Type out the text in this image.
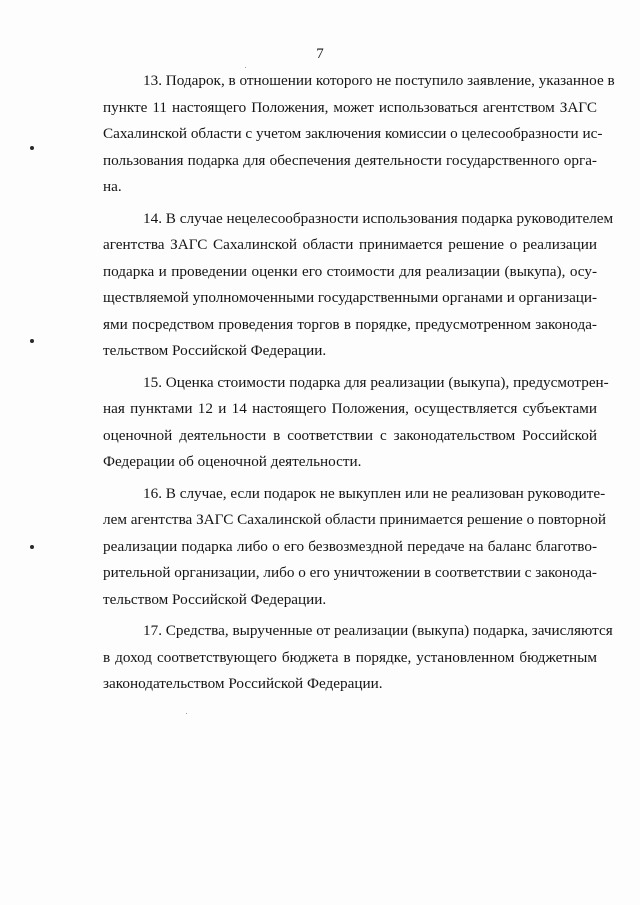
7
13. Подарок, в отношении которого не поступило заявление, указанное в
пункте 11 настоящего Положения, может использоваться агентством ЗАГС
Сахалинской области с учетом заключения комиссии о целесообразности ис-
пользования подарка для обеспечения деятельности государственного орга-
на.
14. В случае нецелесообразности использования подарка руководителем
агентства ЗАГС Сахалинской области принимается решение о реализации
подарка и проведении оценки его стоимости для реализации (выкупа), осу-
ществляемой уполномоченными государственными органами и организаци-
ями посредством проведения торгов в порядке, предусмотренном законода-
тельством Российской Федерации.
15. Оценка стоимости подарка для реализации (выкупа), предусмотрен-
ная пунктами 12 и 14 настоящего Положения, осуществляется субъектами
оценочной деятельности в соответствии с законодательством Российской
Федерации об оценочной деятельности.
16. В случае, если подарок не выкуплен или не реализован руководите-
лем агентства ЗАГС Сахалинской области принимается решение о повторной
реализации подарка либо о его безвозмездной передаче на баланс благотво-
рительной организации, либо о его уничтожении в соответствии с законода-
тельством Российской Федерации.
17. Средства, вырученные от реализации (выкупа) подарка, зачисляются
в доход соответствующего бюджета в порядке, установленном бюджетным
законодательством Российской Федерации.
